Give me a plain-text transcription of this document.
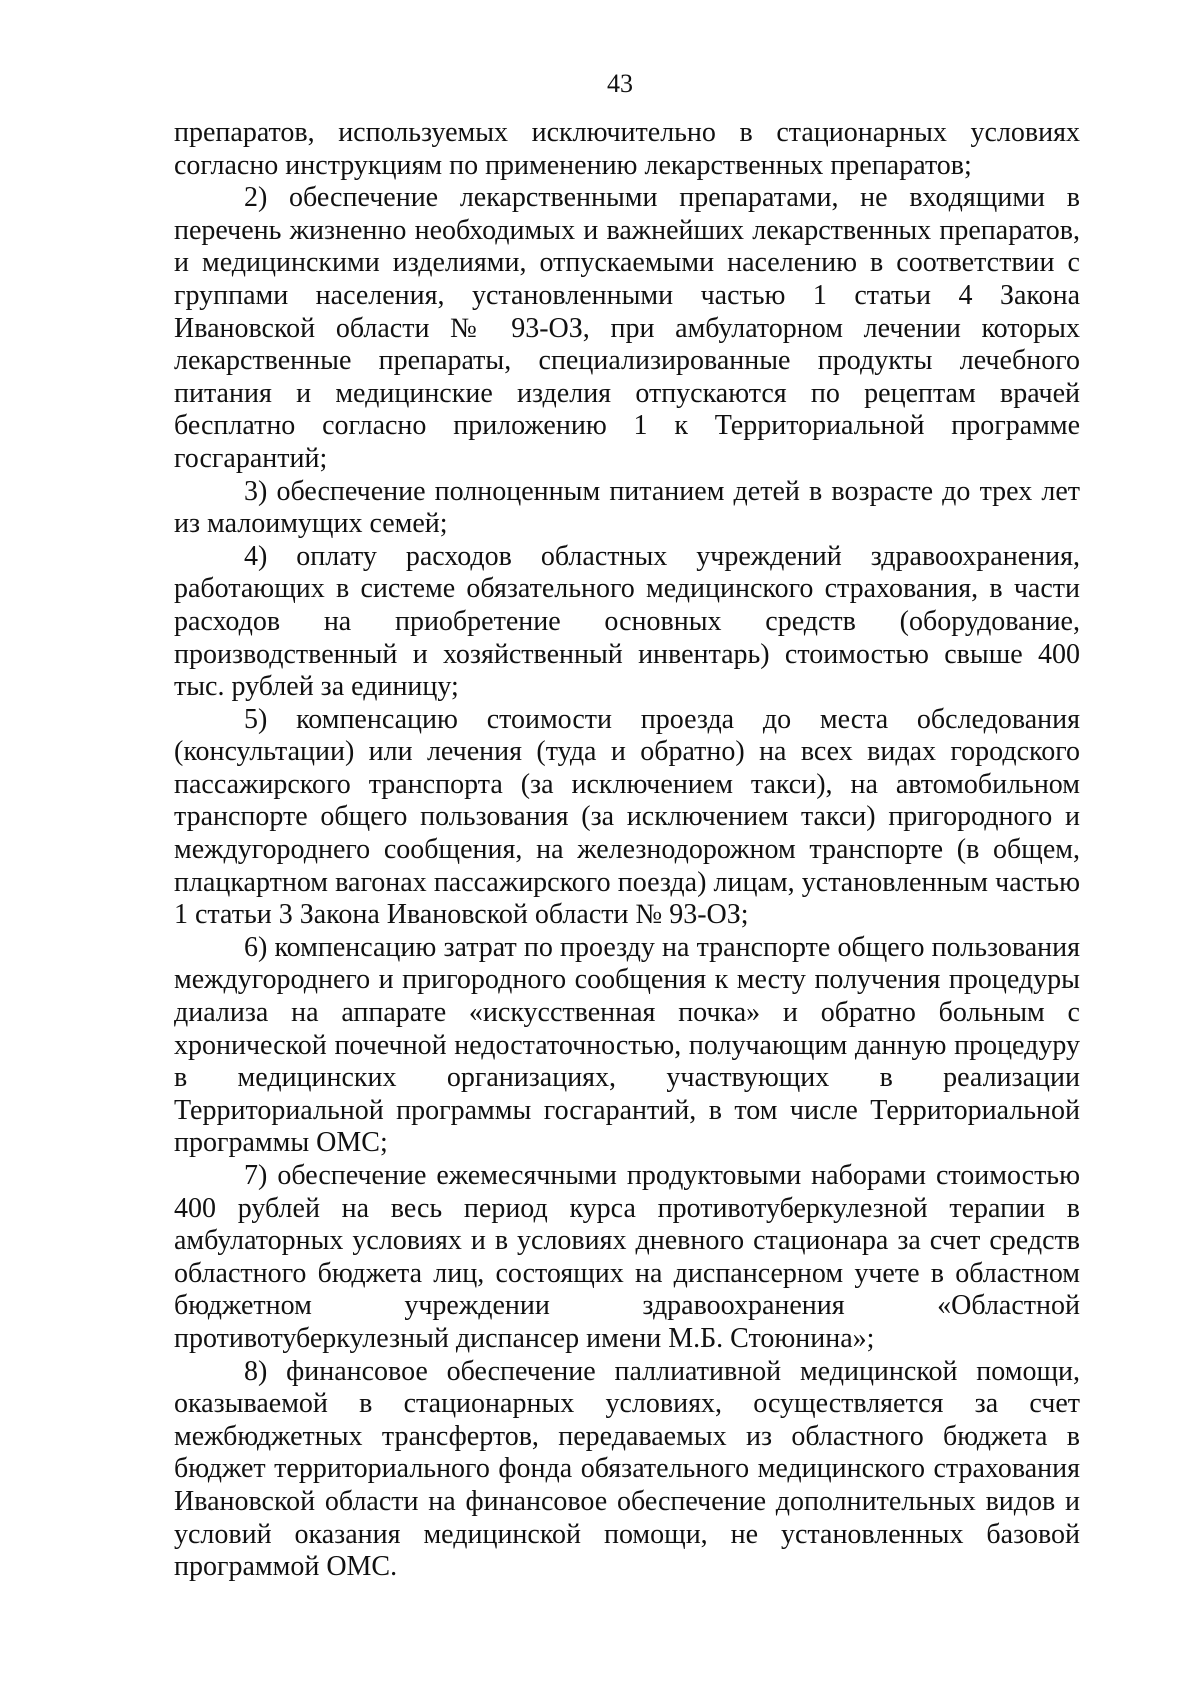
43

препаратов, используемых исключительно в стационарных условиях согласно инструкциям по применению лекарственных препаратов;

2) обеспечение лекарственными препаратами, не входящими в перечень жизненно необходимых и важнейших лекарственных препаратов, и медицинскими изделиями, отпускаемыми населению в соответствии с группами населения, установленными частью 1 статьи 4 Закона Ивановской области № 93-ОЗ, при амбулаторном лечении которых лекарственные препараты, специализированные продукты лечебного питания и медицинские изделия отпускаются по рецептам врачей бесплатно согласно приложению 1 к Территориальной программе госгарантий;

3) обеспечение полноценным питанием детей в возрасте до трех лет из малоимущих семей;

4) оплату расходов областных учреждений здравоохранения, работающих в системе обязательного медицинского страхования, в части расходов на приобретение основных средств (оборудование, производственный и хозяйственный инвентарь) стоимостью свыше 400 тыс. рублей за единицу;

5) компенсацию стоимости проезда до места обследования (консультации) или лечения (туда и обратно) на всех видах городского пассажирского транспорта (за исключением такси), на автомобильном транспорте общего пользования (за исключением такси) пригородного и междугороднего сообщения, на железнодорожном транспорте (в общем, плацкартном вагонах пассажирского поезда) лицам, установленным частью 1 статьи 3 Закона Ивановской области № 93-ОЗ;

6) компенсацию затрат по проезду на транспорте общего пользования междугороднего и пригородного сообщения к месту получения процедуры диализа на аппарате «искусственная почка» и обратно больным с хронической почечной недостаточностью, получающим данную процедуру в медицинских организациях, участвующих в реализации Территориальной программы госгарантий, в том числе Территориальной программы ОМС;

7) обеспечение ежемесячными продуктовыми наборами стоимостью 400 рублей на весь период курса противотуберкулезной терапии в амбулаторных условиях и в условиях дневного стационара за счет средств областного бюджета лиц, состоящих на диспансерном учете в областном бюджетном учреждении здравоохранения «Областной противотуберкулезный диспансер имени М.Б. Стоюнина»;

8) финансовое обеспечение паллиативной медицинской помощи, оказываемой в стационарных условиях, осуществляется за счет межбюджетных трансфертов, передаваемых из областного бюджета в бюджет территориального фонда обязательного медицинского страхования Ивановской области на финансовое обеспечение дополнительных видов и условий оказания медицинской помощи, не установленных базовой программой ОМС.
